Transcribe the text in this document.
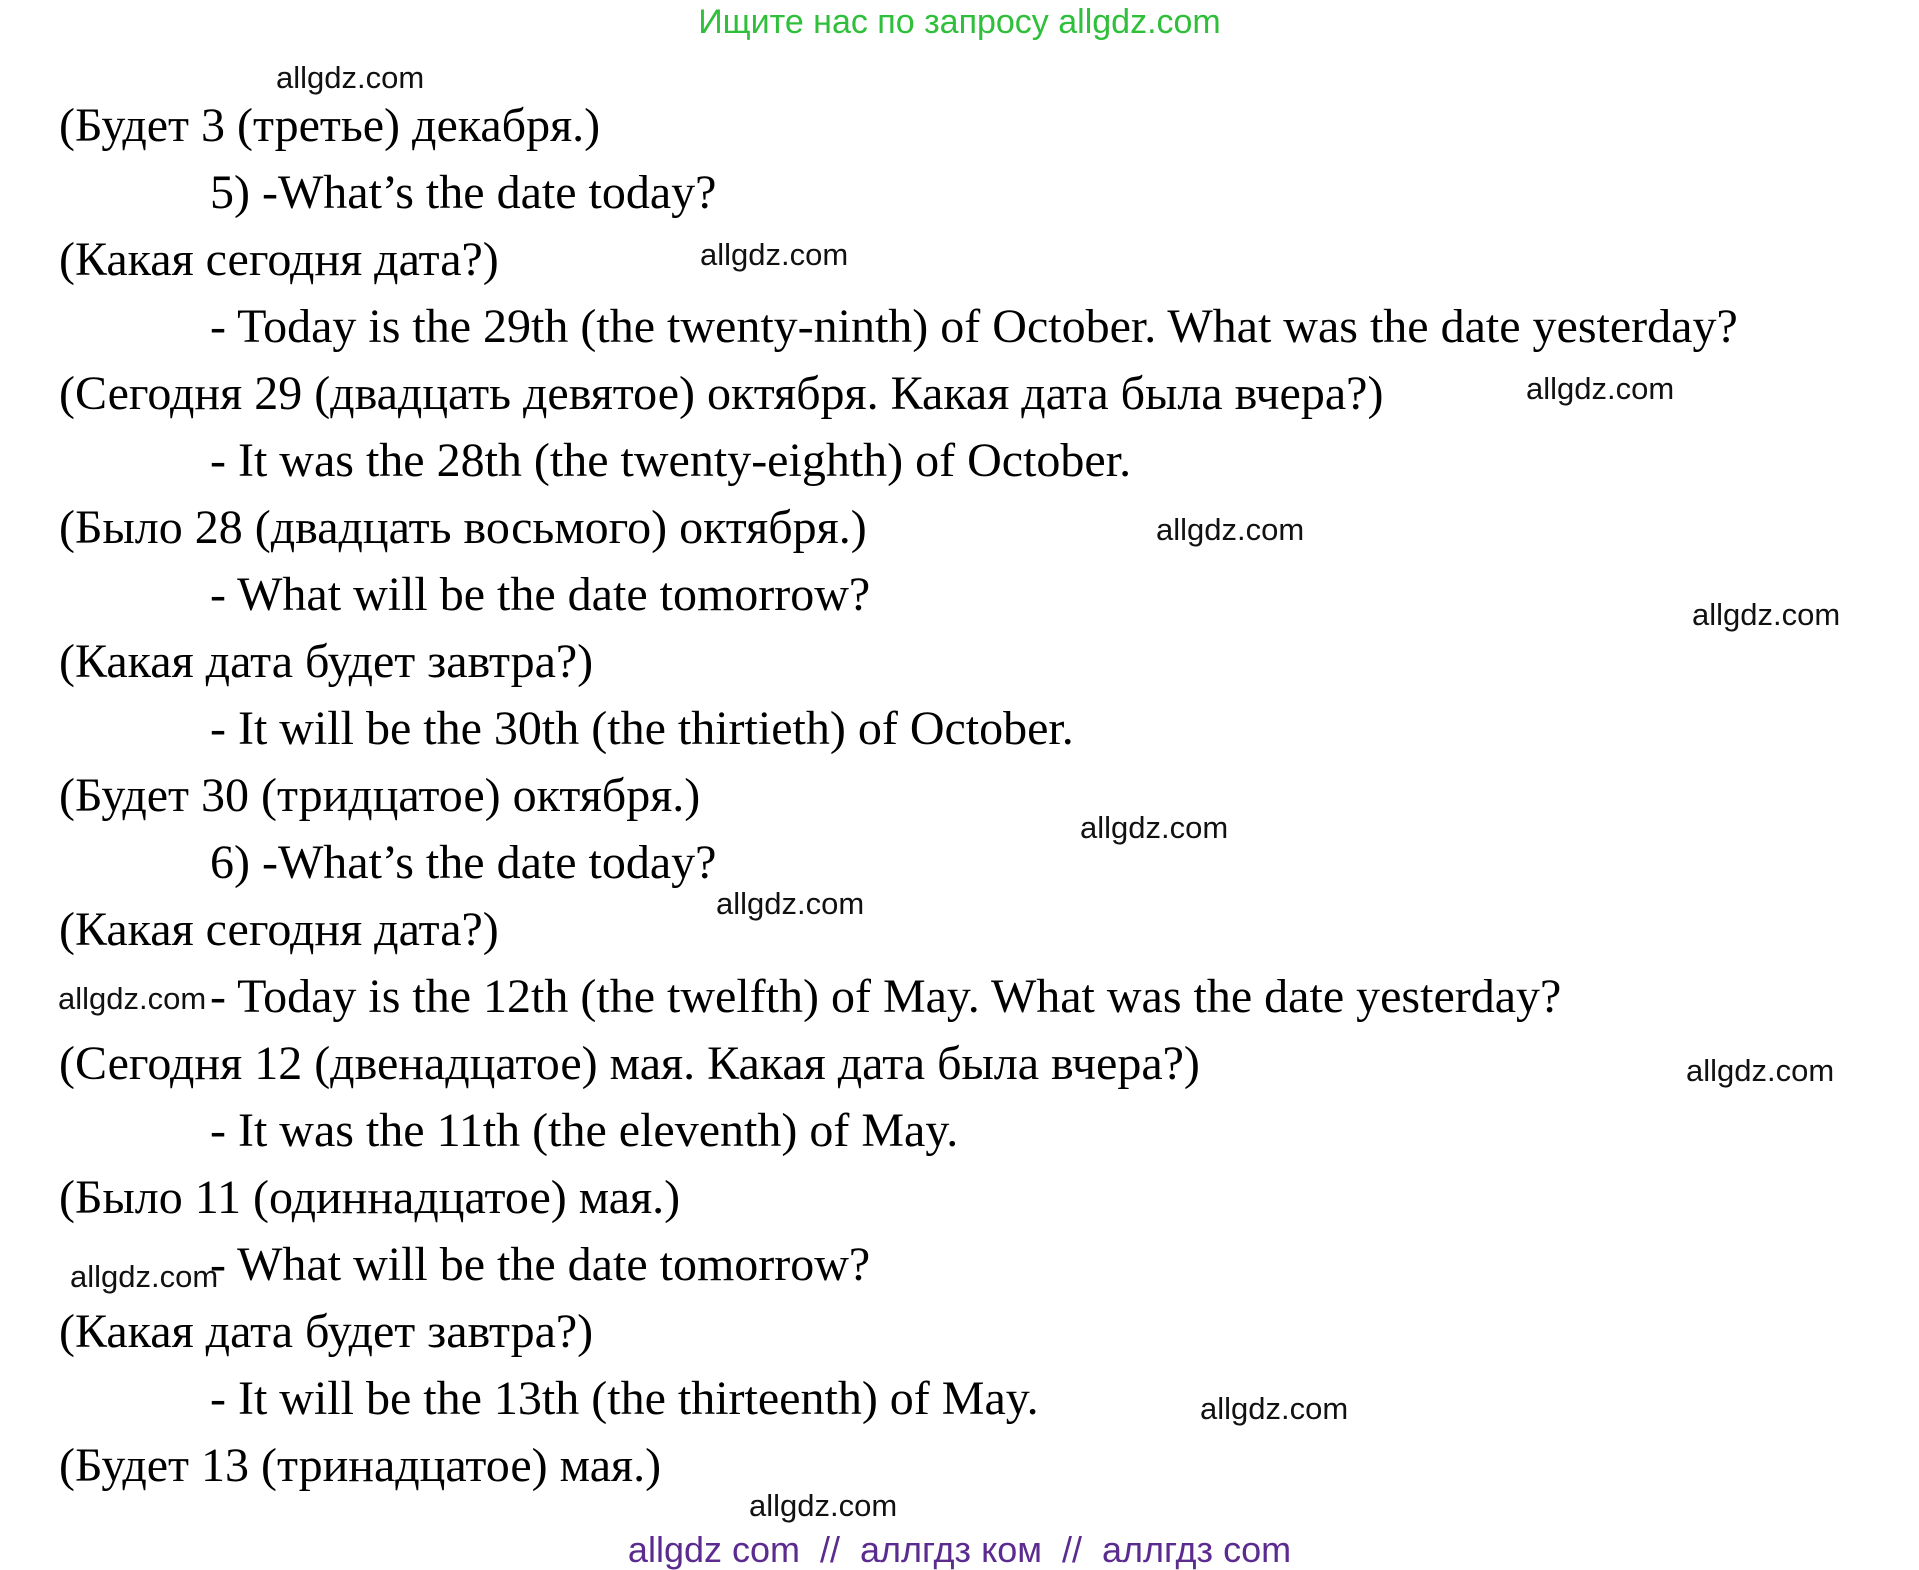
Ищите нас по запросу allgdz.com
(Будет 3 (третье) декабря.)
5) -What’s the date today?
(Какая сегодня дата?)
- Today is the 29th (the twenty-ninth) of October. What was the date yesterday?
(Сегодня 29 (двадцать девятое) октября. Какая дата была вчера?)
- It was the 28th (the twenty-eighth) of October.
(Было 28 (двадцать восьмого) октября.)
- What will be the date tomorrow?
(Какая дата будет завтра?)
- It will be the 30th (the thirtieth) of October.
(Будет 30 (тридцатое) октября.)
6) -What’s the date today?
(Какая сегодня дата?)
- Today is the 12th (the twelfth) of May. What was the date yesterday?
(Сегодня 12 (двенадцатое) мая. Какая дата была вчера?)
- It was the 11th (the eleventh) of May.
(Было 11 (одиннадцатое) мая.)
- What will be the date tomorrow?
(Какая дата будет завтра?)
- It will be the 13th (the thirteenth) of May.
(Будет 13 (тринадцатое) мая.)
allgdz.com
allgdz.com
allgdz.com
allgdz.com
allgdz.com
allgdz.com
allgdz.com
allgdz.com
allgdz.com
allgdz.com
allgdz.com
allgdz.com
allgdz com  //  аллгдз ком  //  аллгдз com
